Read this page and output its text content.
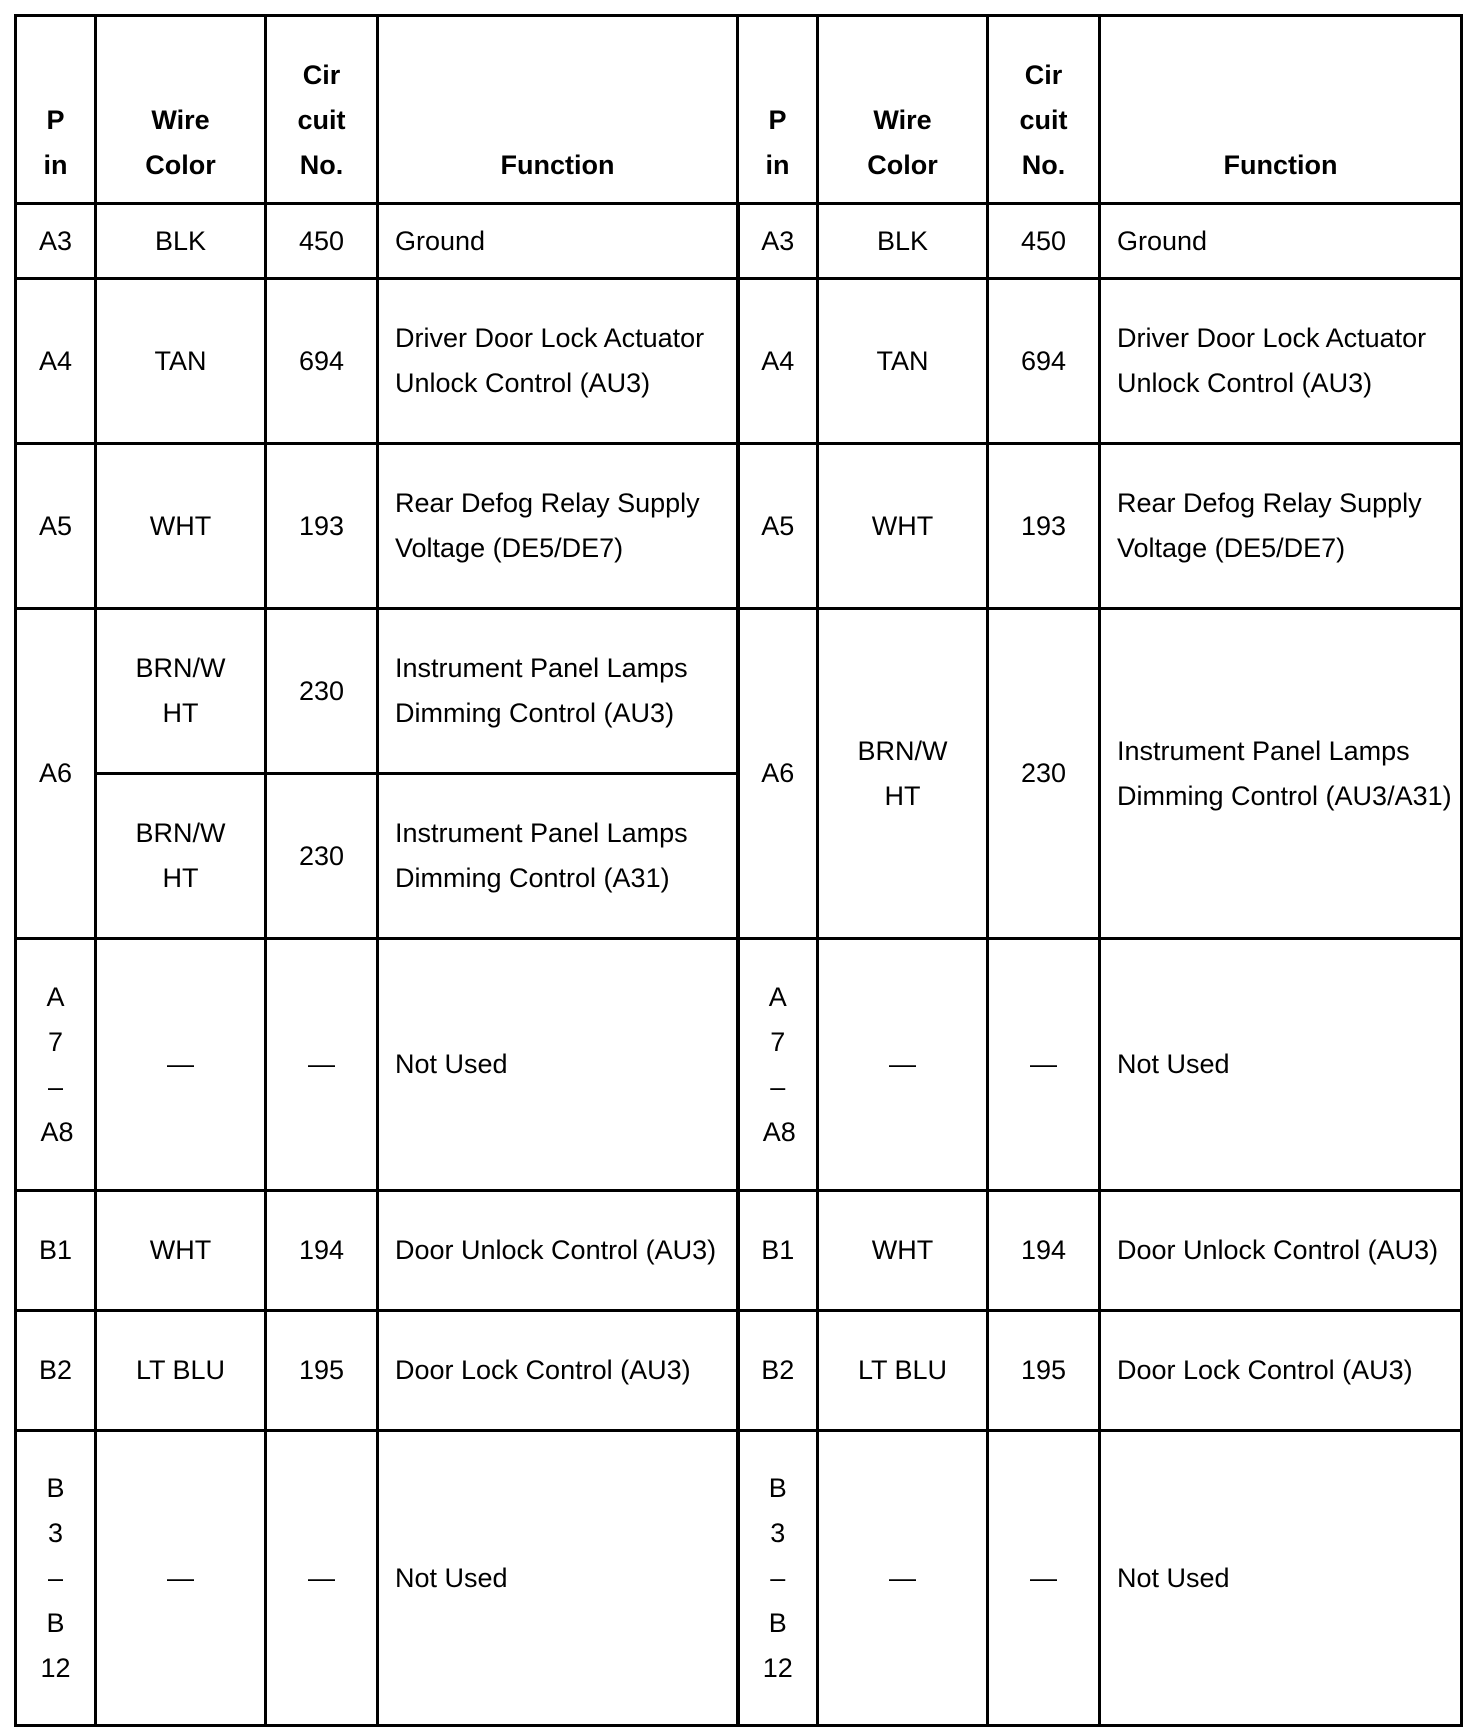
P in	Wire Color	Cir cuit No.	Function	P in	Wire Color	Cir cuit No.	Function
A3	BLK	450	Ground	A3	BLK	450	Ground
A4	TAN	694	Driver Door Lock Actuator Unlock Control (AU3)	A4	TAN	694	Driver Door Lock Actuator Unlock Control (AU3)
A5	WHT	193	Rear Defog Relay Supply Voltage (DE5/DE7)	A5	WHT	193	Rear Defog Relay Supply Voltage (DE5/DE7)
A6	BRN/W HT	230	Instrument Panel Lamps Dimming Control (AU3)	A6	BRN/W HT	230	Instrument Panel Lamps Dimming Control (AU3/A31)

	BRN/W HT	230	Instrument Panel Lamps Dimming Control (A31)				

A 7 – A8	—	—	Not Used	A 7 – A8	—	—	Not Used
B1	WHT	194	Door Unlock Control (AU3)	B1	WHT	194	Door Unlock Control (AU3)
B2	LT BLU	195	Door Lock Control (AU3)	B2	LT BLU	195	Door Lock Control (AU3)

B 3 – B 12	—	—	Not Used	B 3 – B 12	—	—	Not Used
